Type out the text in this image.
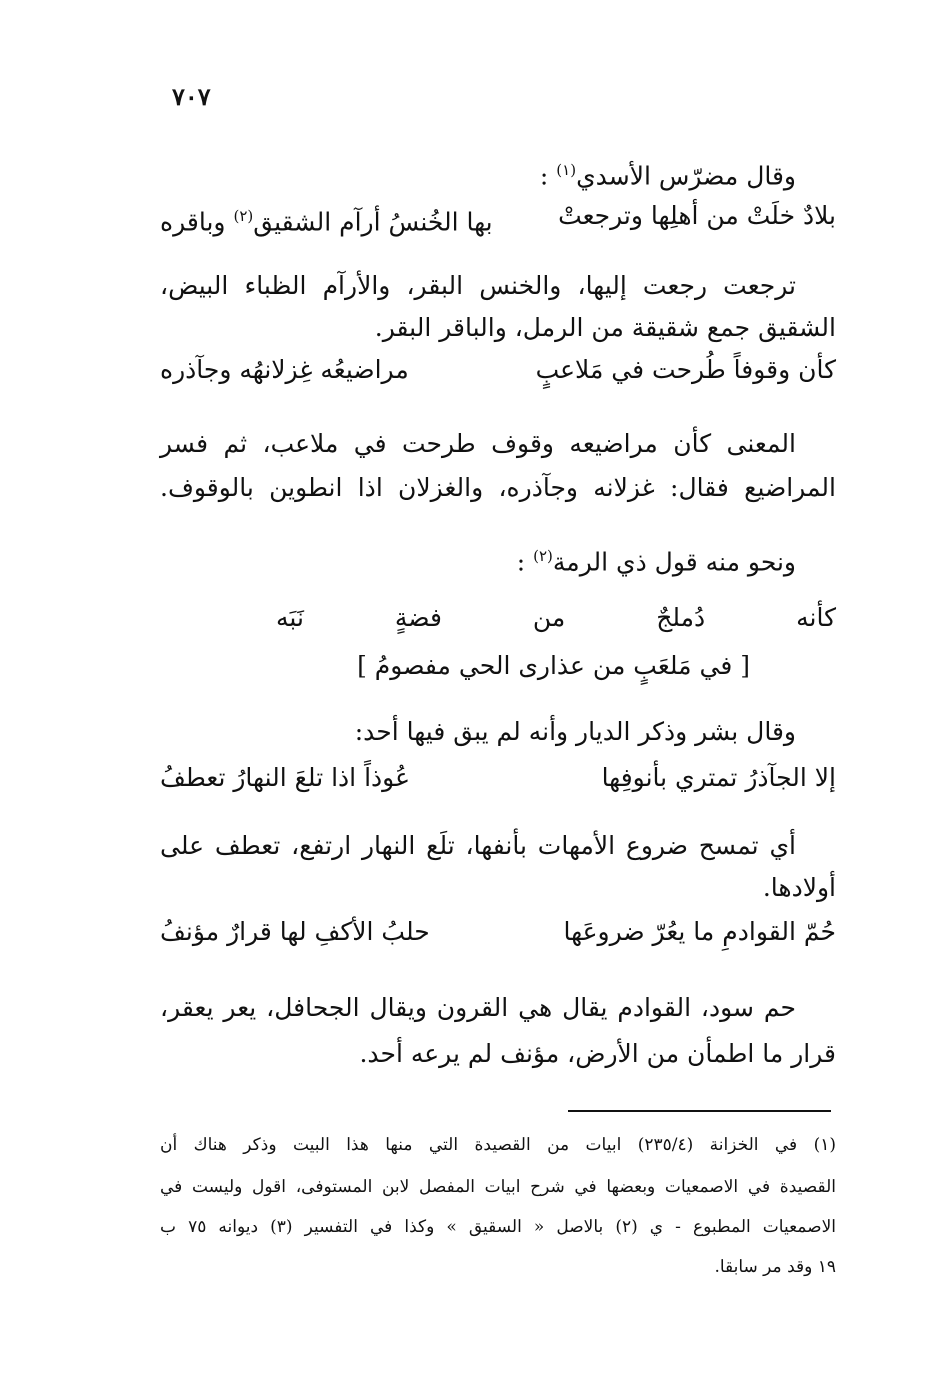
٧٠٧
وقال مضرّس الأسدي$^{(١)}$ :
بلادٌ خلَتْ من أهلِها وترجعتْ
بها الخُنسُ أرآم الشقيق$^{(٢)}$ وباقره
ترجعت رجعت إليها، والخنس البقر، والأرآم الظباء البيض،
الشقيق جمع شقيقة من الرمل، والباقر البقر.
كأن وقوفاً طُرحت في مَلاعبٍ
مراضيعُه غِزلانهُه وجآذره
المعنى كأن مراضيعه وقوف طرحت في ملاعب، ثم فسر
المراضيع فقال: غزلانه وجآذره، والغزلان اذا انطوين بالوقوف.
ونحو منه قول ذي الرمة$^{(٢)}$ :
كأنه دُملجٌ من فضةٍ نَبَه
[ في مَلعَبٍ من عذارى الحي مفصومُ ]
وقال بشر وذكر الديار وأنه لم يبق فيها أحد:
إلا الجآذرُ تمتري بأنوفِها
عُوذاً اذا تلعَ النهارُ تعطفُ
أي تمسح ضروع الأمهات بأنفها، تلَع النهار ارتفع، تعطف على
أولادها.
حُمّ القوادمِ ما يعُرّ ضروعَها
حلبُ الأكفِ لها قرارٌ مؤنفُ
حم سود، القوادم يقال هي القرون ويقال الجحافل، يعر يعقر،
قرار ما اطمأن من الأرض، مؤنف لم يرعه أحد.
(١) في الخزانة (٢٣٥/٤) ابيات من القصيدة التي منها هذا البيت وذكر هناك أن
القصيدة في الاصمعيات وبعضها في شرح ابيات المفصل لابن المستوفى، اقول وليست في
الاصمعيات المطبوع - ي (٢) بالاصل « السقيق » وكذا في التفسير (٣) ديوانه ٧٥ ب
١٩ وقد مر سابقا.
